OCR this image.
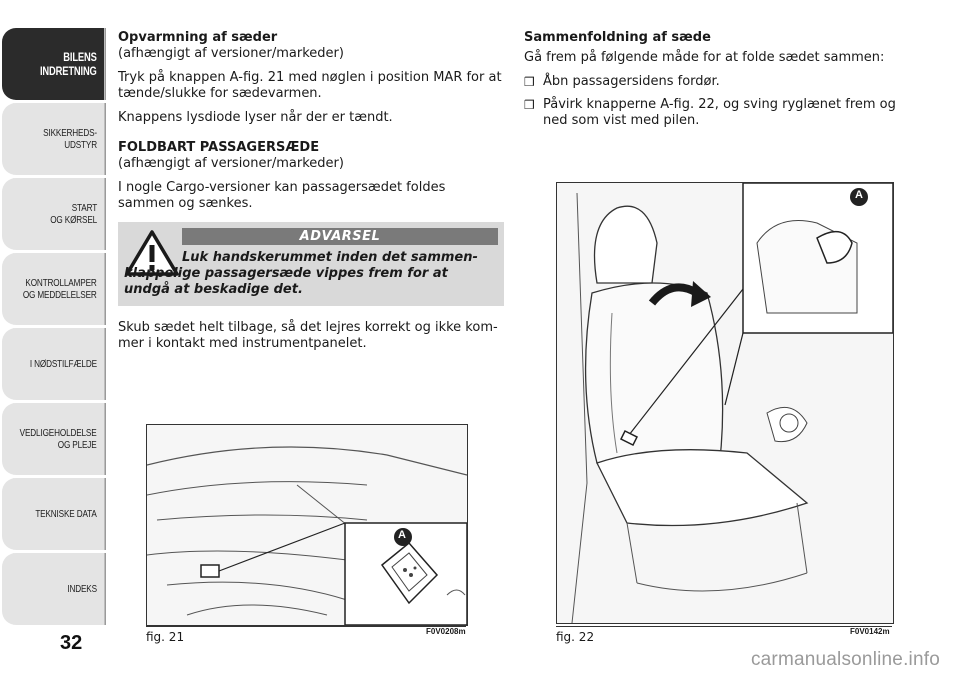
BILENS
INDRETNING
SIKKERHEDS-
UDSTYR
START
OG KØRSEL
KONTROLLAMPER
OG MEDDELELSER
I NØDSTILFÆLDE
VEDLIGEHOLDELSE
OG PLEJE
TEKNISKE DATA
INDEKS
32
Opvarmning af sæder

(afhængigt af versioner/markeder)

Tryk på knappen A-fig. 21 med nøglen i position MAR for at tænde/slukke for sædevarmen.

Knappens lysdiode lyser når der er tændt.

FOLDBART PASSAGERSÆDE

(afhængigt af versioner/markeder)

I nogle Cargo-versioner kan passagersædet foldes sammen og sænkes.

ADVARSEL
Luk handskerummet inden det sammen-klappelige passagersæde vippes frem for at undgå at beskadige det.

Skub sædet helt tilbage, så det lejres korrekt og ikke kom-mer i kontakt med instrumentpanelet.

Sammenfoldning af sæde

Gå frem på følgende måde for at folde sædet sammen:

❒ Åbn passagersidens fordør.
❒ Påvirk knapperne A-fig. 22, og sving ryglænet frem og ned som vist med pilen.
A
fig. 21	F0V0208m
A
fig. 22	F0V0142m
carmanualsonline.info
